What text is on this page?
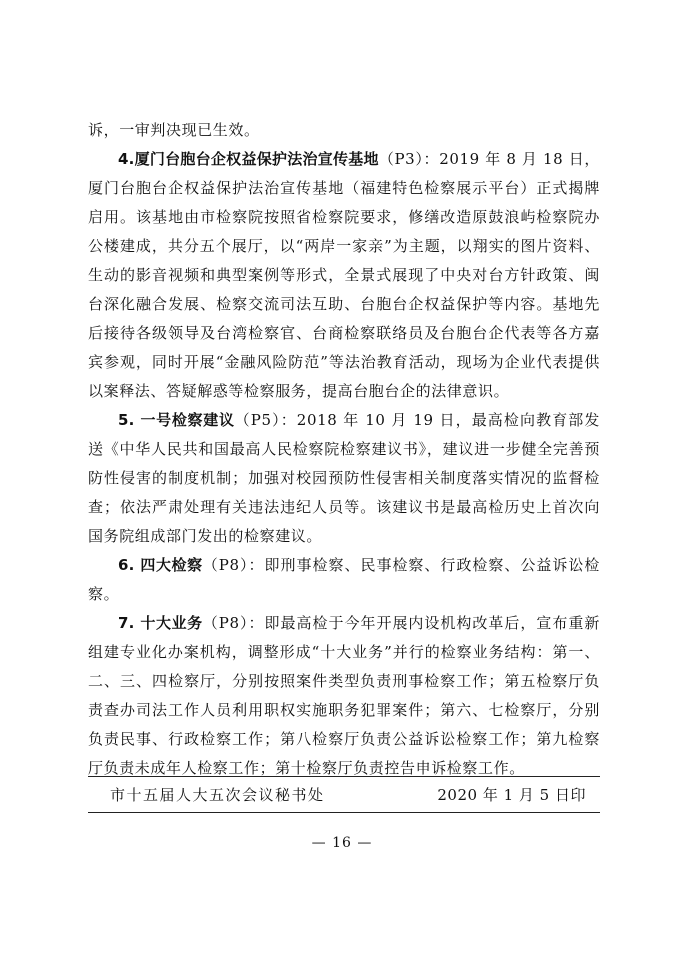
诉，一审判决现已生效。

4.厦门台胞台企权益保护法治宣传基地（P3）：2019 年 8 月 18 日，厦门台胞台企权益保护法治宣传基地（福建特色检察展示平台）正式揭牌启用。该基地由市检察院按照省检察院要求，修缮改造原鼓浪屿检察院办公楼建成，共分五个展厅，以“两岸一家亲”为主题，以翔实的图片资料、生动的影音视频和典型案例等形式，全景式展现了中央对台方针政策、闽台深化融合发展、检察交流司法互助、台胞台企权益保护等内容。基地先后接待各级领导及台湾检察官、台商检察联络员及台胞台企代表等各方嘉宾参观，同时开展“金融风险防范”等法治教育活动，现场为企业代表提供以案释法、答疑解惑等检察服务，提高台胞台企的法律意识。

5. 一号检察建议（P5）：2018 年 10 月 19 日，最高检向教育部发送《中华人民共和国最高人民检察院检察建议书》，建议进一步健全完善预防性侵害的制度机制；加强对校园预防性侵害相关制度落实情况的监督检查；依法严肃处理有关违法违纪人员等。该建议书是最高检历史上首次向国务院组成部门发出的检察建议。

6. 四大检察（P8）：即刑事检察、民事检察、行政检察、公益诉讼检察。

7. 十大业务（P8）：即最高检于今年开展内设机构改革后，宣布重新组建专业化办案机构，调整形成“十大业务”并行的检察业务结构：第一、二、三、四检察厅，分别按照案件类型负责刑事检察工作；第五检察厅负责查办司法工作人员利用职权实施职务犯罪案件；第六、七检察厅，分别负责民事、行政检察工作；第八检察厅负责公益诉讼检察工作；第九检察厅负责未成年人检察工作；第十检察厅负责控告申诉检察工作。

市十五届人大五次会议秘书处	2020 年 1 月 5 日印
— 16 —
